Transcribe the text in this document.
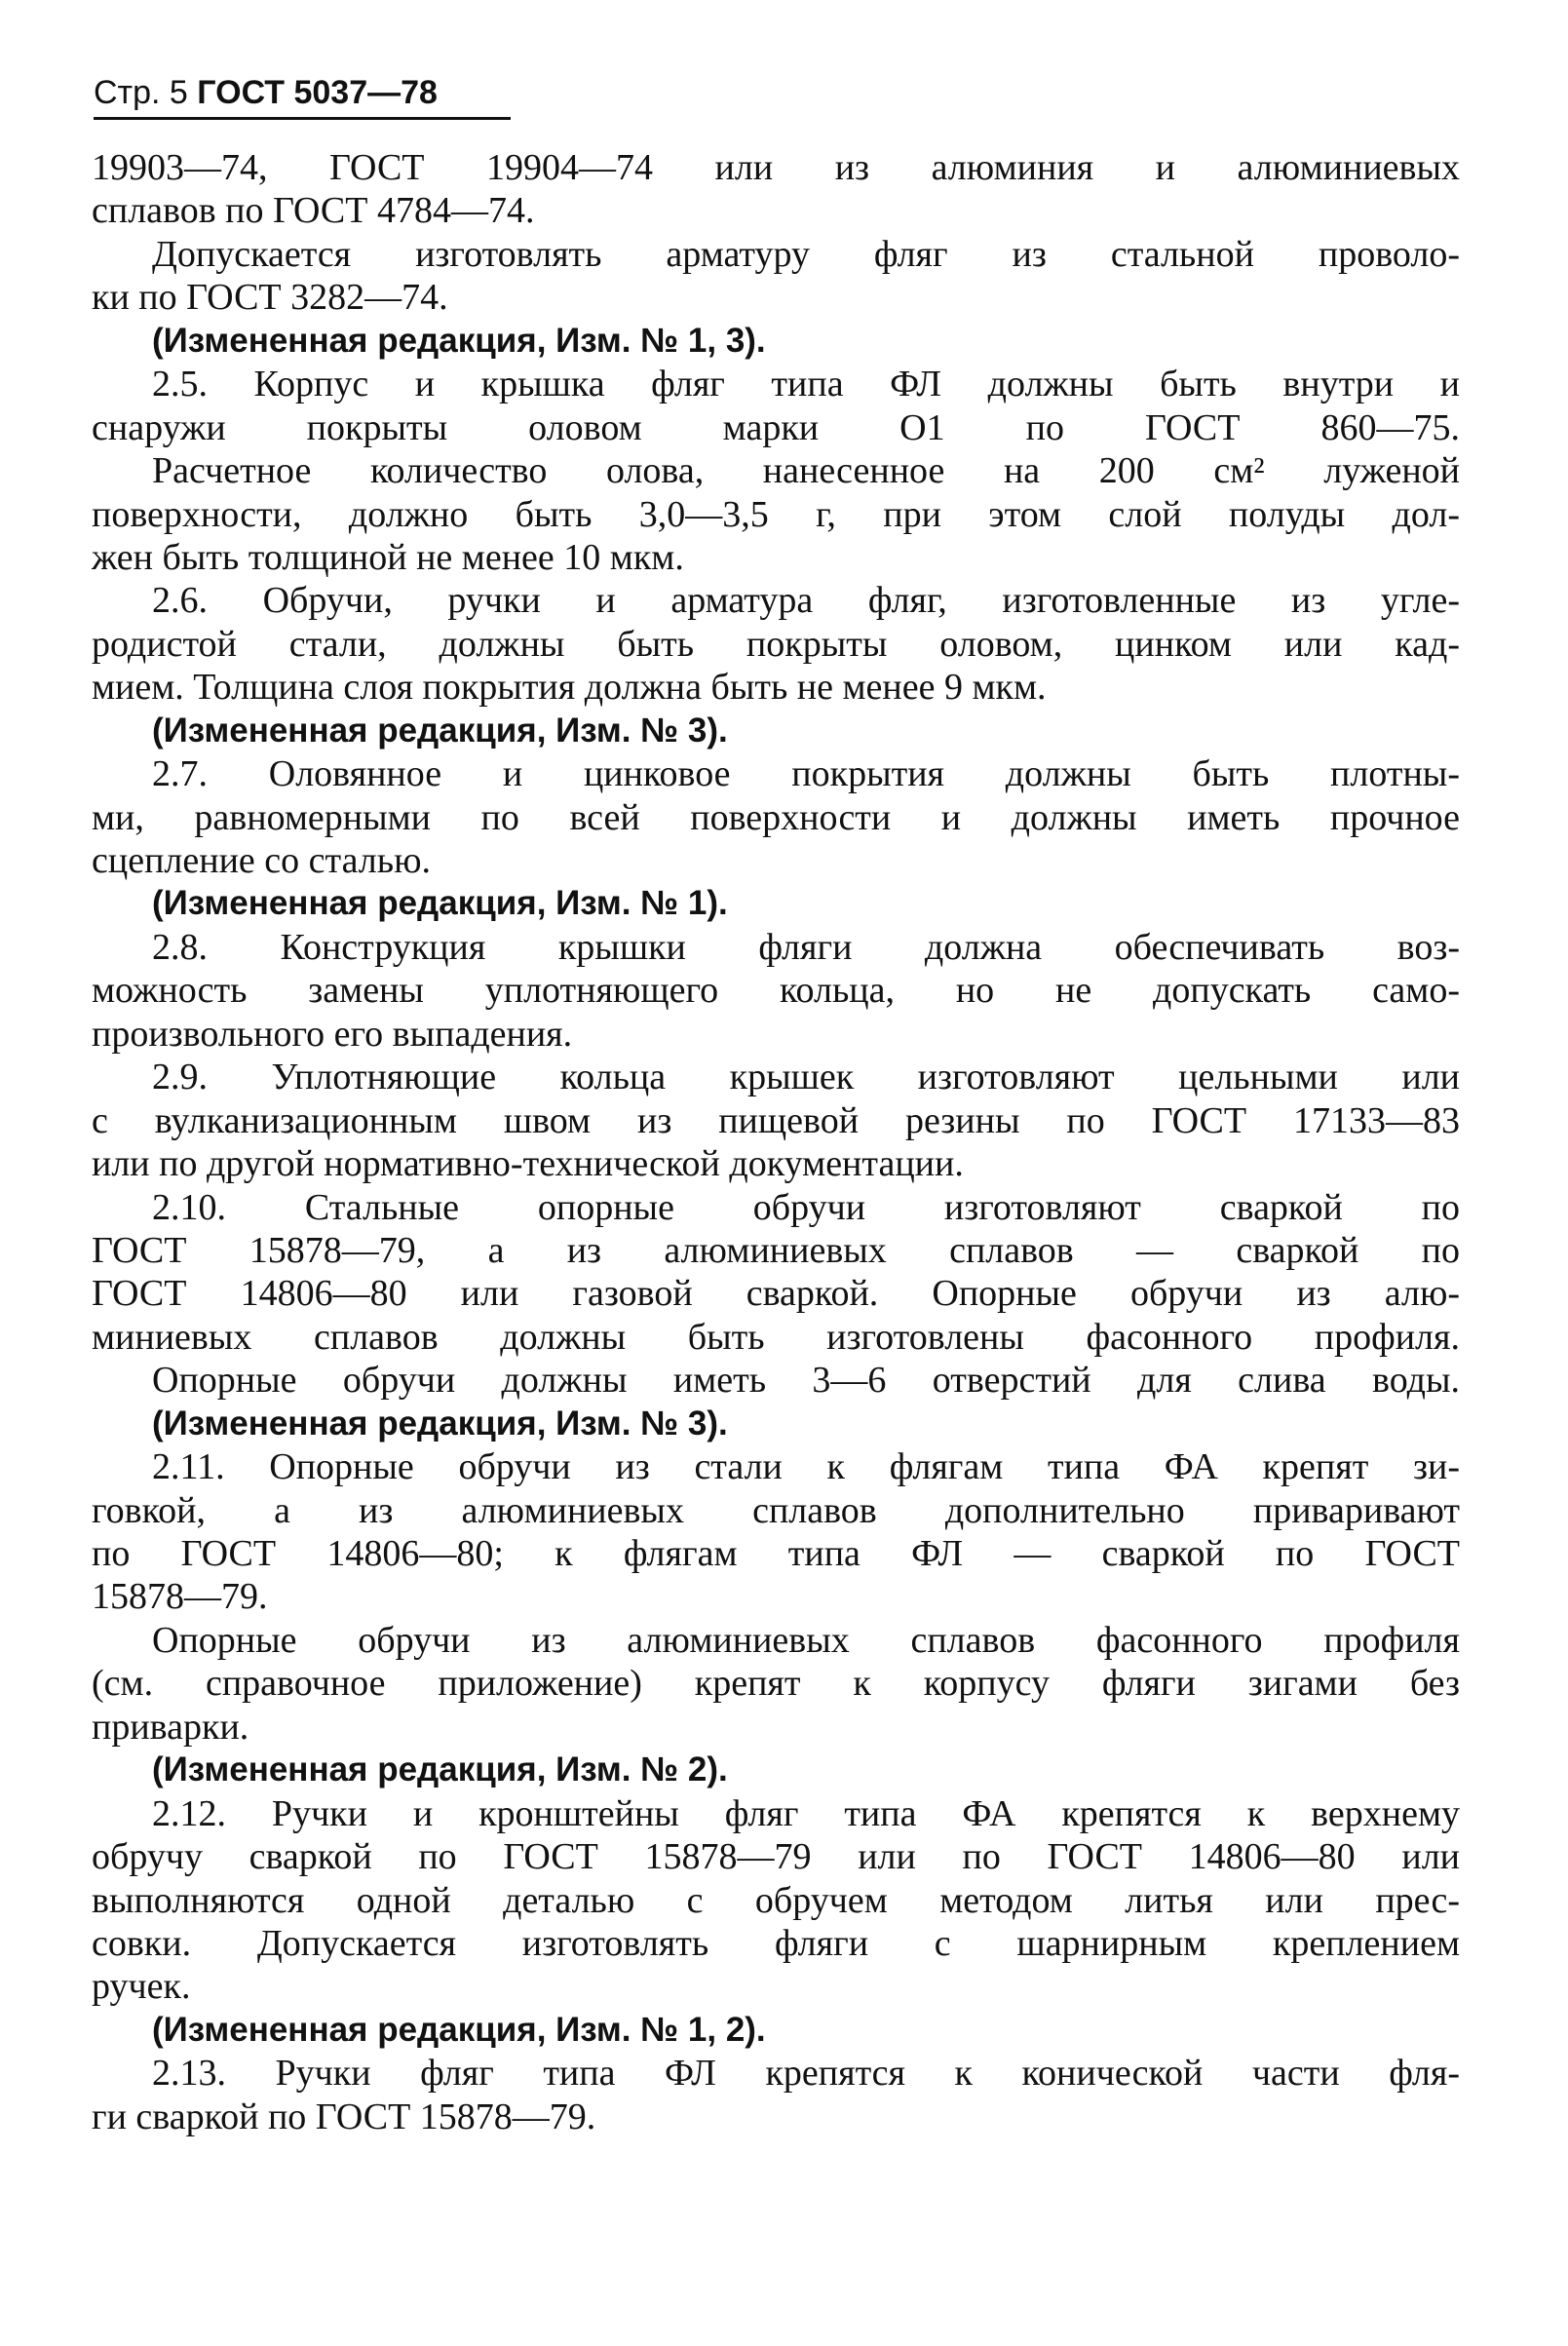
Стр. 5 ГОСТ 5037—78
19903—74, ГОСТ 19904—74 или из алюминия и алюминиевых
сплавов по ГОСТ 4784—74.
Допускается изготовлять арматуру фляг из стальной проволо-
ки по ГОСТ 3282—74.
(Измененная редакция, Изм. № 1, 3).
2.5. Корпус и крышка фляг типа ФЛ должны быть внутри и
снаружи покрыты оловом марки О1 по ГОСТ 860—75.
Расчетное количество олова, нанесенное на 200 см² луженой
поверхности, должно быть 3,0—3,5 г, при этом слой полуды дол-
жен быть толщиной не менее 10 мкм.
2.6. Обручи, ручки и арматура фляг, изготовленные из угле-
родистой стали, должны быть покрыты оловом, цинком или кад-
мием. Толщина слоя покрытия должна быть не менее 9 мкм.
(Измененная редакция, Изм. № 3).
2.7. Оловянное и цинковое покрытия должны быть плотны-
ми, равномерными по всей поверхности и должны иметь прочное
сцепление со сталью.
(Измененная редакция, Изм. № 1).
2.8. Конструкция крышки фляги должна обеспечивать воз-
можность замены уплотняющего кольца, но не допускать само-
произвольного его выпадения.
2.9. Уплотняющие кольца крышек изготовляют цельными или
с вулканизационным швом из пищевой резины по ГОСТ 17133—83
или по другой нормативно-технической документации.
2.10. Стальные опорные обручи изготовляют сваркой по
ГОСТ 15878—79, а из алюминиевых сплавов — сваркой по
ГОСТ 14806—80 или газовой сваркой. Опорные обручи из алю-
миниевых сплавов должны быть изготовлены фасонного профиля.
Опорные обручи должны иметь 3—6 отверстий для слива воды.
(Измененная редакция, Изм. № 3).
2.11. Опорные обручи из стали к флягам типа ФА крепят зи-
говкой, а из алюминиевых сплавов дополнительно приваривают
по ГОСТ 14806—80; к флягам типа ФЛ — сваркой по ГОСТ
15878—79.
Опорные обручи из алюминиевых сплавов фасонного профиля
(см. справочное приложение) крепят к корпусу фляги зигами без
приварки.
(Измененная редакция, Изм. № 2).
2.12. Ручки и кронштейны фляг типа ФА крепятся к верхнему
обручу сваркой по ГОСТ 15878—79 или по ГОСТ 14806—80 или
выполняются одной деталью с обручем методом литья или прес-
совки. Допускается изготовлять фляги с шарнирным креплением
ручек.
(Измененная редакция, Изм. № 1, 2).
2.13. Ручки фляг типа ФЛ крепятся к конической части фля-
ги сваркой по ГОСТ 15878—79.
